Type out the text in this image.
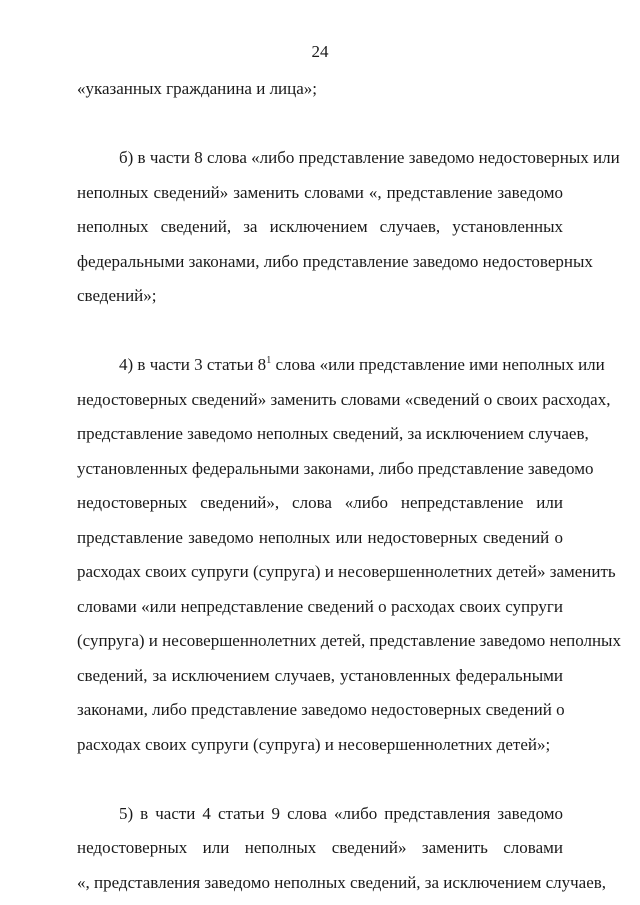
24
«указанных гражданина и лица»;
б) в части 8 слова «либо представление заведомо недостоверных или
неполных сведений» заменить словами «, представление заведомо
неполных сведений, за исключением случаев, установленных
федеральными законами, либо представление заведомо недостоверных
сведений»;
4) в части 3 статьи $8^1$ слова «или представление ими неполных или
недостоверных сведений» заменить словами «сведений о своих расходах,
представление заведомо неполных сведений, за исключением случаев,
установленных федеральными законами, либо представление заведомо
недостоверных сведений», слова «либо непредставление или
представление заведомо неполных или недостоверных сведений о
расходах своих супруги (супруга) и несовершеннолетних детей» заменить
словами «или непредставление сведений о расходах своих супруги
(супруга) и несовершеннолетних детей, представление заведомо неполных
сведений, за исключением случаев, установленных федеральными
законами, либо представление заведомо недостоверных сведений о
расходах своих супруги (супруга) и несовершеннолетних детей»;
5) в части 4 статьи 9 слова «либо представления заведомо
недостоверных или неполных сведений» заменить словами
«, представления заведомо неполных сведений, за исключением случаев,
